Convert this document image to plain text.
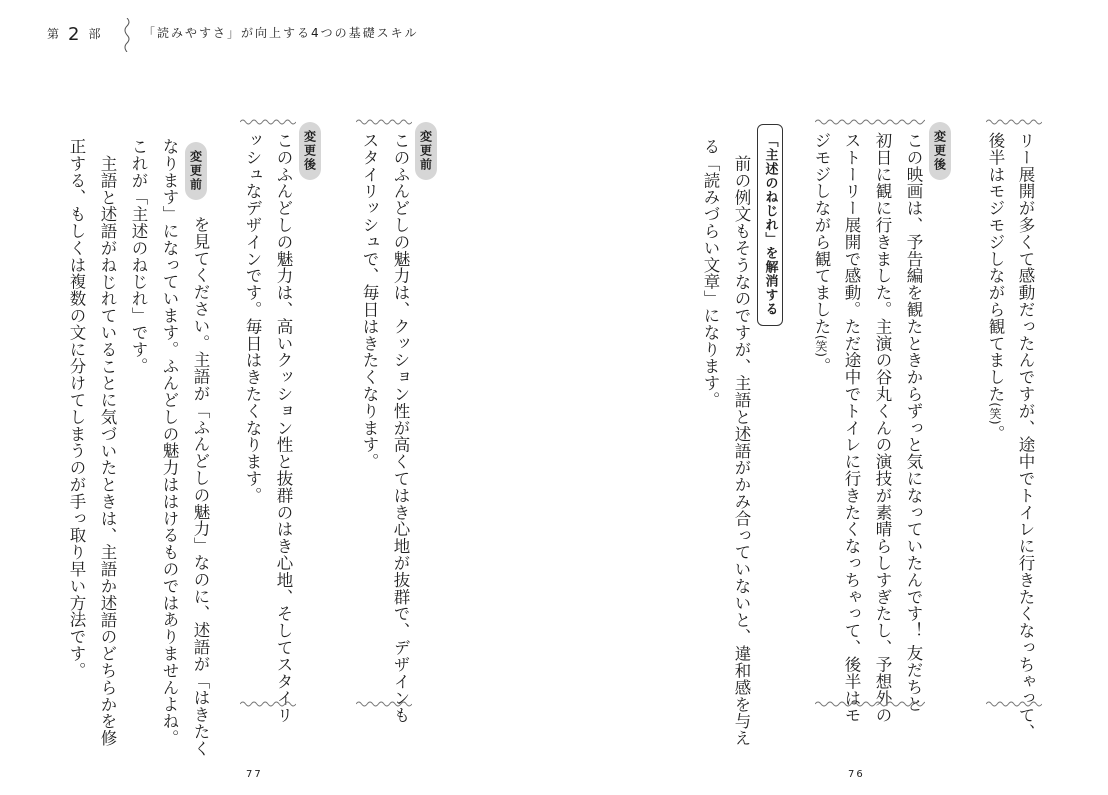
第 2 部	「読みやすさ」が向上する4つの基礎スキル
リー展開が多くて感動だったんですが、途中でトイレに行きたくなっちゃって、
後半はモジモジしながら観てました(笑)。
変更後
この映画は、予告編を観たときからずっと気になっていたんです！ 友だちと
初日に観に行きました。主演の谷丸くんの演技が素晴らしすぎたし、予想外の
ストーリー展開で感動。ただ途中でトイレに行きたくなっちゃって、後半はモ
ジモジしながら観てました(笑)。
「主述のねじれ」を解消する
前の例文もそうなのですが、主語と述語がかみ合っていないと、違和感を与え
る「読みづらい文章」になります。
76
変更前
このふんどしの魅力は、クッション性が高くてはき心地が抜群で、デザインも
スタイリッシュで、毎日はきたくなります。
変更後
このふんどしの魅力は、高いクッション性と抜群のはき心地、そしてスタイリ
ッシュなデザインです。毎日はきたくなります。
変更前
を見てください。主語が「ふんどしの魅力」なのに、述語が「はきたく
なります」になっています。ふんどしの魅力ははけるものではありませんよね。
これが「主述のねじれ」です。
主語と述語がねじれていることに気づいたときは、主語か述語のどちらかを修
正する、もしくは複数の文に分けてしまうのが手っ取り早い方法です。
77
